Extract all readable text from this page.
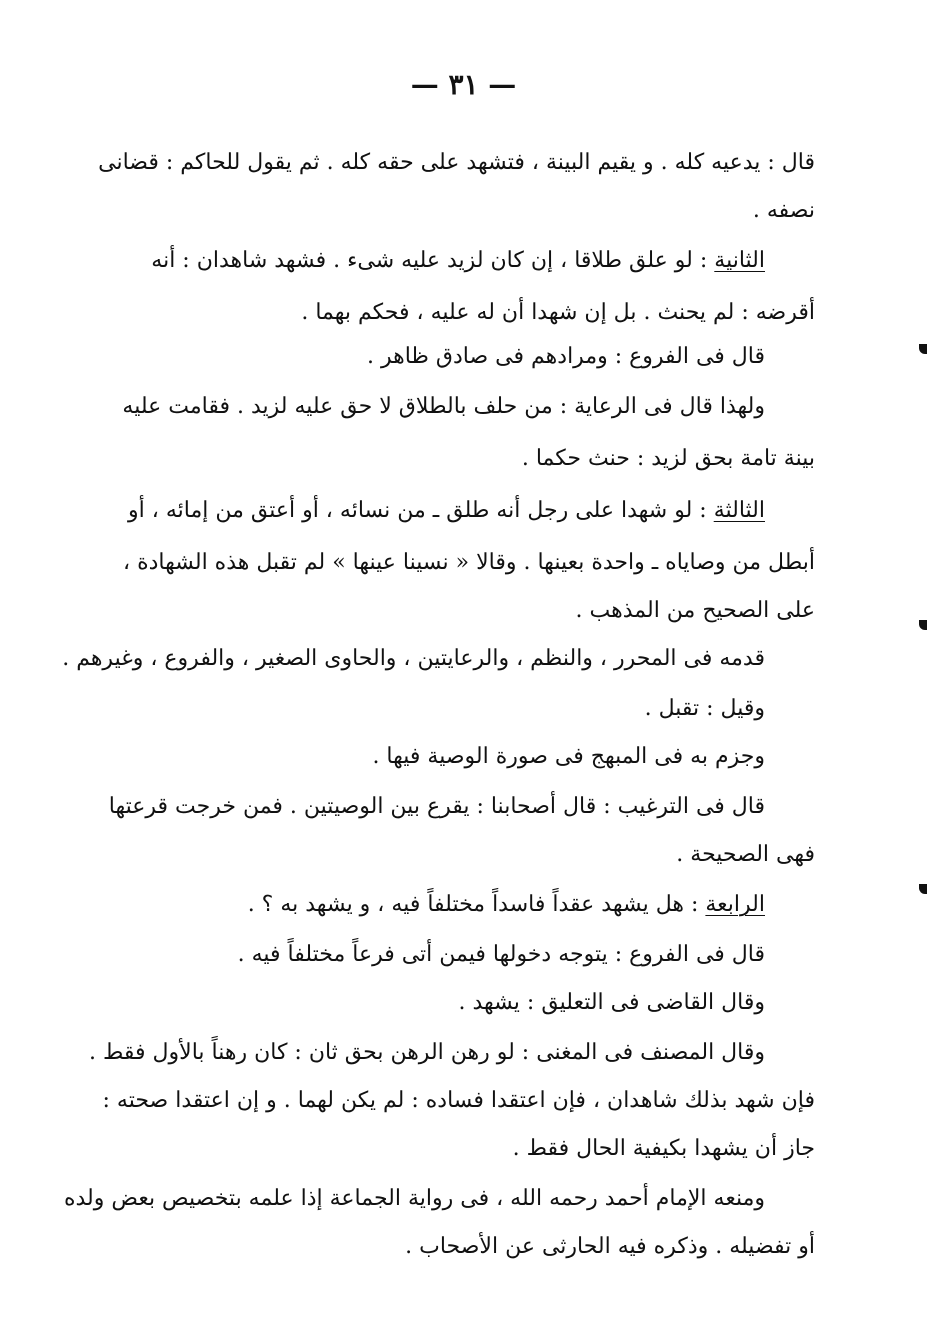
— ٣١ —
قال : يدعيه كله . و يقيم البينة ، فتشهد على حقه كله . ثم يقول للحاكم : قضانى
نصفه .
الثانية : لو علق طلاقا ، إن كان لزيد عليه شىء . فشهد شاهدان : أنه
أقرضه : لم يحنث . بل إن شهدا أن له عليه ، فحكم بهما .
قال فى الفروع : ومرادهم فى صادق ظاهر .
ولهذا قال فى الرعاية : من حلف بالطلاق لا حق عليه لزيد . فقامت عليه
بينة تامة بحق لزيد : حنث حكما .
الثالثة : لو شهدا على رجل أنه طلق ـ من نسائه ، أو أعتق من إمائه ، أو
أبطل من وصاياه ـ واحدة بعينها . وقالا « نسينا عينها » لم تقبل هذه الشهادة ،
على الصحيح من المذهب .
قدمه فى المحرر ، والنظم ، والرعايتين ، والحاوى الصغير ، والفروع ، وغيرهم .
وقيل : تقبل .
وجزم به فى المبهج فى صورة الوصية فيها .
قال فى الترغيب : قال أصحابنا : يقرع بين الوصيتين . فمن خرجت قرعتها
فهى الصحيحة .
الرابعة : هل يشهد عقداً فاسداً مختلفاً فيه ، و يشهد به ؟ .
قال فى الفروع : يتوجه دخولها فيمن أتى فرعاً مختلفاً فيه .
وقال القاضى فى التعليق : يشهد .
وقال المصنف فى المغنى : لو رهن الرهن بحق ثان : كان رهناً بالأول فقط .
فإن شهد بذلك شاهدان ، فإن اعتقدا فساده : لم يكن لهما . و إن اعتقدا صحته :
جاز أن يشهدا بكيفية الحال فقط .
ومنعه الإمام أحمد رحمه الله ، فى رواية الجماعة إذا علمه بتخصيص بعض ولده
أو تفضيله . وذكره فيه الحارثى عن الأصحاب .
